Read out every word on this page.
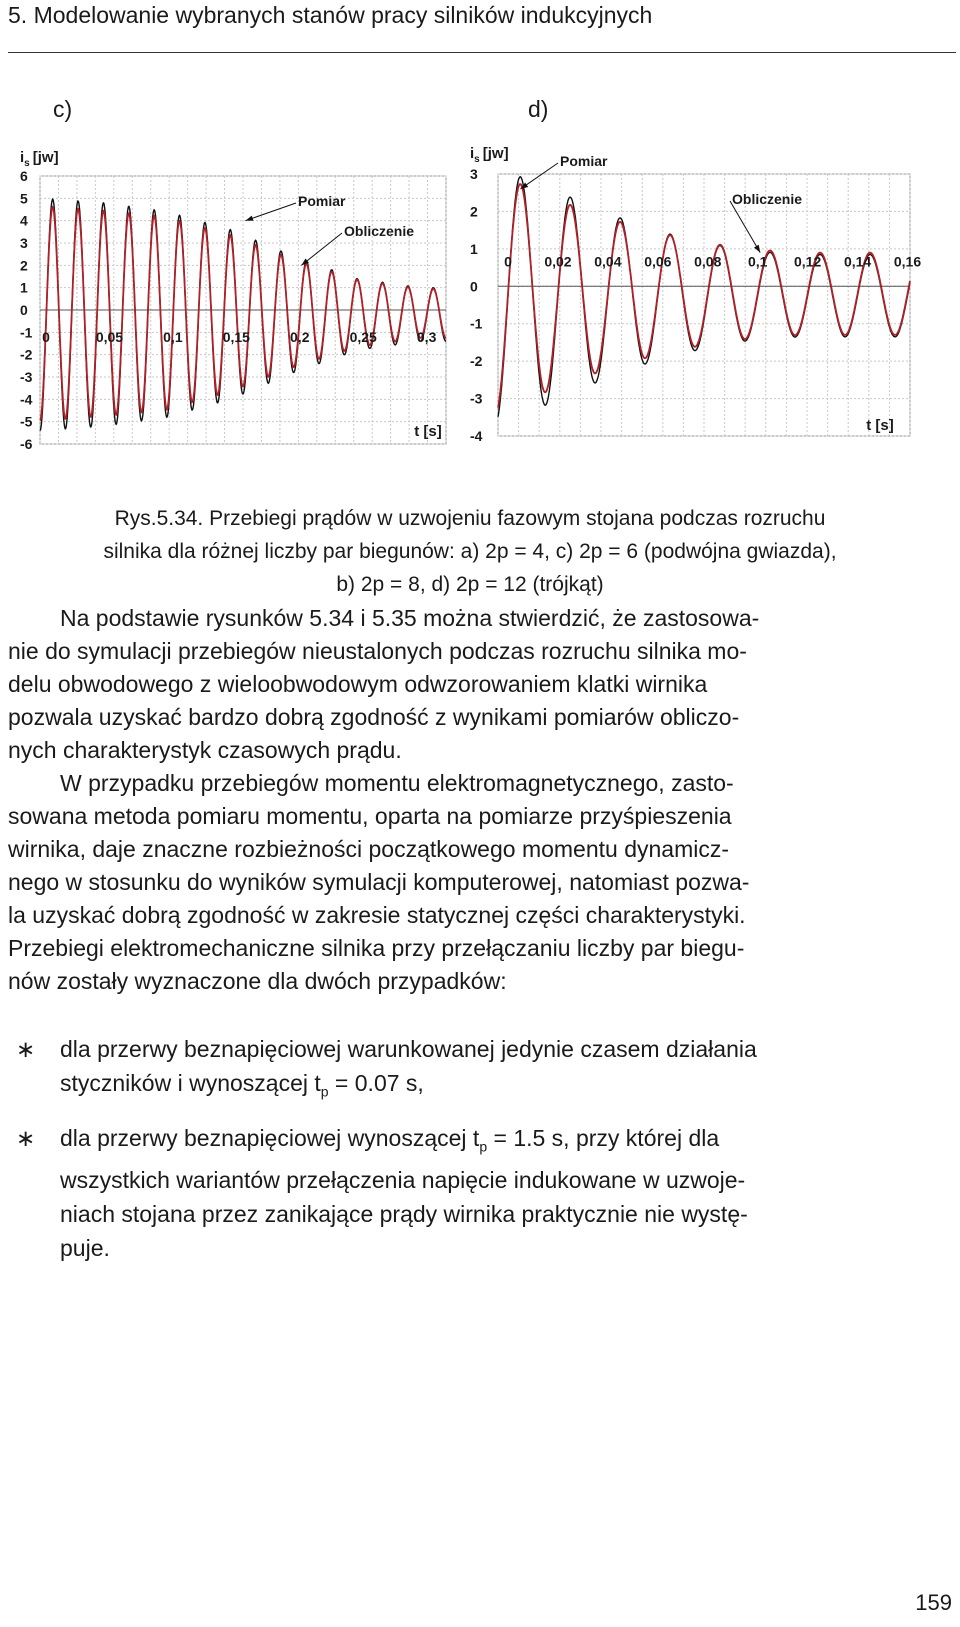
5. Modelowanie wybranych stanów pracy silników indukcyjnych
c)	d)
6
5
4
3
2
1
0
-1
-2
-3
-4
-5
-6
0	0,05	0,1	0,15	0,2	0,25	0,3
$i_s$ [jw]
t [s]
Pomiar
Obliczenie
3
2
1
0
-1
-2
-3
-4
0 0,02 0,04 0,06 0,08 0,1 0,12 0,14 0,16
$i_s$ [jw]
t [s]
Pomiar
Obliczenie
Rys.5.34. Przebiegi prądów w uzwojeniu fazowym stojana podczas rozruchu
silnika dla różnej liczby par biegunów: a) 2p = 4, c) 2p = 6 (podwójna gwiazda),
b) 2p = 8, d) 2p = 12 (trójkąt)

Na podstawie rysunków 5.34 i 5.35 można stwierdzić, że zastosowa-

nie do symulacji przebiegów nieustalonych podczas rozruchu silnika mo-

delu obwodowego z wieloobwodowym odwzorowaniem klatki wirnika

pozwala uzyskać bardzo dobrą zgodność z wynikami pomiarów obliczo-

nych charakterystyk czasowych prądu.

W przypadku przebiegów momentu elektromagnetycznego, zasto-

sowana metoda pomiaru momentu, oparta na pomiarze przyśpieszenia

wirnika, daje znaczne rozbieżności początkowego momentu dynamicz-

nego w stosunku do wyników symulacji komputerowej, natomiast pozwa-

la uzyskać dobrą zgodność w zakresie statycznej części charakterystyki.

Przebiegi elektromechaniczne silnika przy przełączaniu liczby par biegu-

nów zostały wyznaczone dla dwóch przypadków:

∗ dla przerwy beznapięciowej warunkowanej jedynie czasem działania
styczników i wynoszącej $t_p = 0.07$ s,
∗ dla przerwy beznapięciowej wynoszącej $t_p = 1.5$ s, przy której dla
wszystkich wariantów przełączenia napięcie indukowane w uzwoje-
niach stojana przez zanikające prądy wirnika praktycznie nie wystę-
puje.
159
